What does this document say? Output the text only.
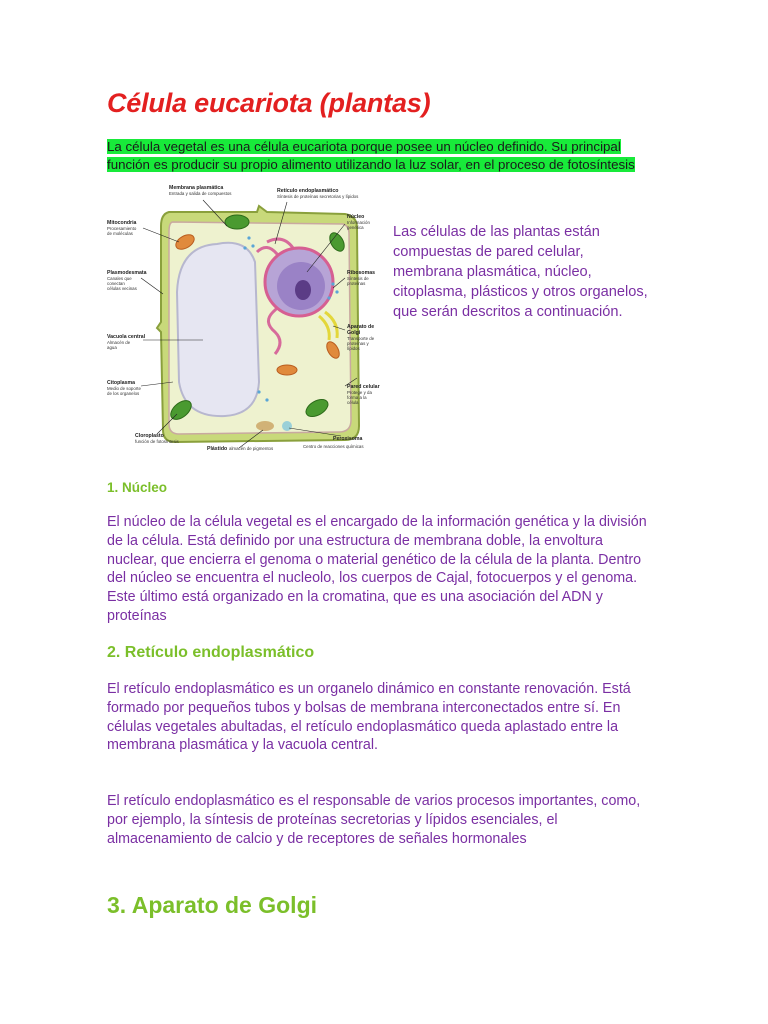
Célula eucariota (plantas)
La célula vegetal es una célula eucariota porque posee un núcleo definido. Su principal función es producir su propio alimento utilizando la luz solar, en el proceso de fotosíntesis
Membrana plasmática
Entrada y salida de compuestos	Retículo endoplasmático
Síntesis de proteínas secretorias y lípidos
Mitocondria
Procesamiento
de moléculas
Núcleo
Información
genética
Plasmodesmata
Canales que
conectan
células vecinas
Ribosomas
Síntesis de
proteínas
Vacuola central
Almacén de
agua
Aparato de
Golgi
Transporte de
proteínas y
lípidos
Citoplasma
Medio de soporte
de los organelos
Pared celular
Protege y da
forma a la
célula
Cloroplasto
función de fotosíntesis	Peroxisoma
Centro de reacciones químicas
Plástido almacén de pigmentos

Las células de las plantas están compuestas de pared celular, membrana plasmática, núcleo, citoplasma, plásticos y otros organelos, que serán descritos a continuación.

1. Núcleo

El núcleo de la célula vegetal es el encargado de la información genética y la división de la célula. Está definido por una estructura de membrana doble, la envoltura nuclear, que encierra el genoma o material genético de la célula de la planta. Dentro del núcleo se encuentra el nucleolo, los cuerpos de Cajal, fotocuerpos y el genoma. Este último está organizado en la cromatina, que es una asociación del ADN y proteínas

2. Retículo endoplasmático

El retículo endoplasmático es un organelo dinámico en constante renovación. Está formado por pequeños tubos y bolsas de membrana interconectados entre sí. En células vegetales abultadas, el retículo endoplasmático queda aplastado entre la membrana plasmática y la vacuola central.

El retículo endoplasmático es el responsable de varios procesos importantes, como, por ejemplo, la síntesis de proteínas secretorias y lípidos esenciales, el almacenamiento de calcio y de receptores de señales hormonales

3. Aparato de Golgi
